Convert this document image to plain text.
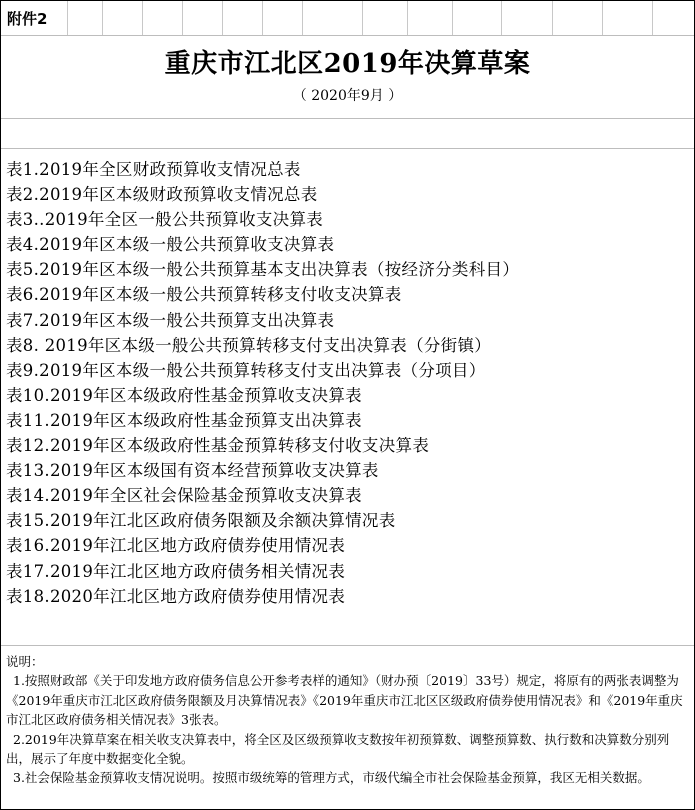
附件2
重庆市江北区2019年决算草案
（ 2020年9月 ）
表1.2019年全区财政预算收支情况总表
表2.2019年区本级财政预算收支情况总表
表3..2019年全区一般公共预算收支决算表
表4.2019年区本级一般公共预算收支决算表
表5.2019年区本级一般公共预算基本支出决算表（按经济分类科目）
表6.2019年区本级一般公共预算转移支付收支决算表
表7.2019年区本级一般公共预算支出决算表
表8. 2019年区本级一般公共预算转移支付支出决算表（分街镇）
表9.2019年区本级一般公共预算转移支付支出决算表（分项目）
表10.2019年区本级政府性基金预算收支决算表
表11.2019年区本级政府性基金预算支出决算表
表12.2019年区本级政府性基金预算转移支付收支决算表
表13.2019年区本级国有资本经营预算收支决算表
表14.2019年全区社会保险基金预算收支决算表
表15.2019年江北区政府债务限额及余额决算情况表
表16.2019年江北区地方政府债券使用情况表
表17.2019年江北区地方政府债务相关情况表
表18.2020年江北区地方政府债券使用情况表

说明：

1.按照财政部《关于印发地方政府债务信息公开参考表样的通知》（财办预〔2019〕33号）规定，将原有的两张表调整为《2019年重庆市江北区政府债务限额及月决算情况表》《2019年重庆市江北区区级政府债券使用情况表》和《2019年重庆市江北区政府债务相关情况表》3张表。

2.2019年决算草案在相关收支决算表中，将全区及区级预算收支数按年初预算数、调整预算数、执行数和决算数分别列出，展示了年度中数据变化全貌。

3.社会保险基金预算收支情况说明。按照市级统筹的管理方式，市级代编全市社会保险基金预算，我区无相关数据。
